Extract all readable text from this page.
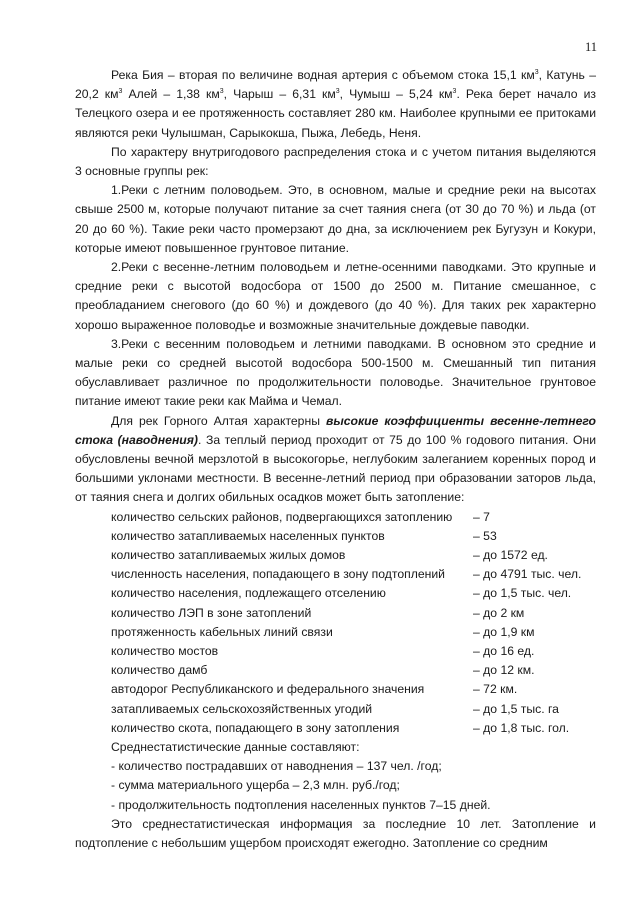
11

Река Бия – вторая по величине водная артерия с объемом стока 15,1 $км^3$, Катунь – 20,2 $км^3$ Алей – 1,38 $км^3$, Чарыш – 6,31 $км^3$, Чумыш – 5,24 $км^3$. Река берет начало из Телецкого озера и ее протяженность составляет 280 км. Наиболее крупными ее притоками являются реки Чулышман, Сарыкокша, Пыжа, Лебедь, Неня.

По характеру внутригодового распределения стока и с учетом питания выделяются 3 основные группы рек:

1.Реки с летним половодьем. Это, в основном, малые и средние реки на высотах свыше 2500 м, которые получают питание за счет таяния снега (от 30 до 70 %) и льда (от 20 до 60 %). Такие реки часто промерзают до дна, за исключением рек Бугузун и Кокури, которые имеют повышенное грунтовое питание.

2.Реки с весенне-летним половодьем и летне-осенними паводками. Это крупные и средние реки с высотой водосбора от 1500 до 2500 м. Питание смешанное, с преобладанием снегового (до 60 %) и дождевого (до 40 %). Для таких рек характерно хорошо выраженное половодье и возможные значительные дождевые паводки.

3.Реки с весенним половодьем и летними паводками. В основном это средние и малые реки со средней высотой водосбора 500-1500 м. Смешанный тип питания обуславливает различное по продолжительности половодье. Значительное грунтовое питание имеют такие реки как Майма и Чемал.

Для рек Горного Алтая характерны высокие коэффициенты весенне-летнего стока (наводнения). За теплый период проходит от 75 до 100 % годового питания. Они обусловлены вечной мерзлотой в высокогорье, неглубоким залеганием коренных пород и большими уклонами местности. В весенне-летний период при образовании заторов льда, от таяния снега и долгих обильных осадков может быть затопление:

количество сельских районов, подвергающихся затоплению	– 7
количество затапливаемых населенных пунктов	– 53
количество затапливаемых жилых домов	– до 1572 ед.
численность населения, попадающего в зону подтоплений	– до 4791 тыс. чел.
количество населения, подлежащего отселению	– до 1,5 тыс. чел.
количество ЛЭП в зоне затоплений	– до 2 км
протяженность кабельных линий связи	– до 1,9 км
количество мостов	– до 16 ед.
количество дамб	– до 12 км.
автодорог Республиканского и федерального значения	– 72 км.
затапливаемых сельскохозяйственных угодий	– до 1,5 тыс. га
количество скота, попадающего в зону затопления	– до 1,8 тыс. гол.
Среднестатистические данные составляют:
- количество пострадавших от наводнения – 137 чел. /год;
- сумма материального ущерба – 2,3 млн. руб./год;
- продолжительность подтопления населенных пунктов 7–15 дней.

Это среднестатистическая информация за последние 10 лет. Затопление и подтопление с небольшим ущербом происходят ежегодно. Затопление со средним
